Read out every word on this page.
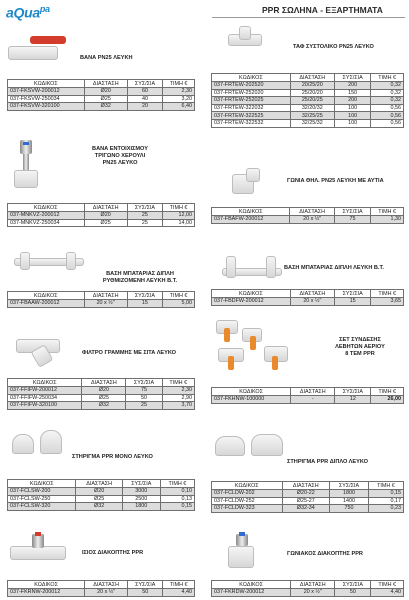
aQua$^{pa}$	PPR ΣΩΛΗΝΑ - ΕΞΑΡΤΗΜΑΤΑ
ΒΑΝΑ PN25 ΛΕΥΚΗ
ΚΩΔΙΚΟΣ	ΔΙΑΣΤΑΣΗ	ΣΥΣ/ΣΙΑ	ΤΙΜΗ €
037-FKSVW-200012	Ø20	60	2,30
037-FKSVW-250034	Ø25	40	3,20
037-FKSVW-320100	Ø32	20	6,40
ΤΑΦ ΣΥΣΤΟΛΙΚΟ PN25 ΛΕΥΚΟ
ΚΩΔΙΚΟΣ	ΔΙΑΣΤΑΣΗ	ΣΥΣ/ΣΙΑ	ΤΙΜΗ €
037-FRTEW-202520	20/25/20	200	0,32
037-FRTEW-252020	25/20/20	150	0,32
037-FRTEW-252025	25/20/25	200	0,32
037-FRTEW-322032	32/20/32	100	0,56
037-FRTEW-322525	32/25/25	100	0,56
037-FRTEW-322532	32/25/32	100	0,56
ΒΑΝΑ ΕΝΤΟΙΧΙΣΜΟΥ
ΤΡΙΓΩΝΟ ΧΕΡΟΥΛΙ
PN25 ΛΕΥΚΟ
ΚΩΔΙΚΟΣ	ΔΙΑΣΤΑΣΗ	ΣΥΣ/ΣΙΑ	ΤΙΜΗ €
037-MNKVZ-200012	Ø20	25	12,00
037-MNKVZ-250034	Ø25	25	14,00
ΓΩΝΙΑ ΘΗΛ. PN25 ΛΕΥΚΗ ΜΕ ΑΥΤΙΑ
ΚΩΔΙΚΟΣ	ΔΙΑΣΤΑΣΗ	ΣΥΣ/ΣΙΑ	ΤΙΜΗ €
037-FBAFW-200012	20 x ½"	75	1,30
ΒΑΣΗ ΜΠΑΤΑΡΙΑΣ ΔΙΠΛΗ
ΡΥΘΜΙΖΟΜΕΝΗ ΛΕΥΚΗ Β.Τ.
ΚΩΔΙΚΟΣ	ΔΙΑΣΤΑΣΗ	ΣΥΣ/ΣΙΑ	ΤΙΜΗ €
037-FBAAW-200012	20 x ½"	15	5,00
ΒΑΣΗ ΜΠΑΤΑΡΙΑΣ ΔΙΠΛΗ ΛΕΥΚΗ Β.Τ.
ΚΩΔΙΚΟΣ	ΔΙΑΣΤΑΣΗ	ΣΥΣ/ΣΙΑ	ΤΙΜΗ €
037-FBDFW-200012	20 x ½"	15	3,65
ΦΙΛΤΡΟ ΓΡΑΜΜΗΣ ΜΕ ΣΙΤΑ ΛΕΥΚΟ
ΚΩΔΙΚΟΣ	ΔΙΑΣΤΑΣΗ	ΣΥΣ/ΣΙΑ	ΤΙΜΗ €
037-FFIFW-200012	Ø20	75	2,30
037-FFIFW-250034	Ø25	50	2,90
037-FFIFW-320100	Ø32	25	3,70
ΣΕΤ ΣΥΝΔΕΣΗΣ
ΛΕΒΗΤΩΝ ΑΕΡΙΟΥ
8 ΤΕΜ PPR
ΚΩΔΙΚΟΣ	ΔΙΑΣΤΑΣΗ	ΣΥΣ/ΣΙΑ	ΤΙΜΗ €
037-FKHNW-100000	-	12	26,00
ΣΤΗΡΙΓΜΑ PPR ΜΟΝΟ ΛΕΥΚΟ
ΚΩΔΙΚΟΣ	ΔΙΑΣΤΑΣΗ	ΣΥΣ/ΣΙΑ	ΤΙΜΗ €
037-FCLSW-200	Ø20	3000	0,10
037-FCLSW-250	Ø25	2500	0,13
037-FCLSW-320	Ø32	1800	0,15
ΣΤΗΡΙΓΜΑ PPR ΔΙΠΛΟ ΛΕΥΚΟ
ΚΩΔΙΚΟΣ	ΔΙΑΣΤΑΣΗ	ΣΥΣ/ΣΙΑ	ΤΙΜΗ €
037-FCLDW-202	Ø20-22	1800	0,15
037-FCLDW-252	Ø25-27	1400	0,17
037-FCLDW-323	Ø32-34	750	0,23
ΙΣΙΟΣ ΔΙΑΚΟΠΤΗΣ PPR
ΚΩΔΙΚΟΣ	ΔΙΑΣΤΑΣΗ	ΣΥΣ/ΣΙΑ	ΤΙΜΗ €
037-FKRNW-200012	20 x ½"	50	4,40
ΓΩΝΙΑΚΟΣ ΔΙΑΚΟΠΤΗΣ PPR
ΚΩΔΙΚΟΣ	ΔΙΑΣΤΑΣΗ	ΣΥΣ/ΣΙΑ	ΤΙΜΗ €
037-FKRDW-200012	20 x ½"	50	4,40
